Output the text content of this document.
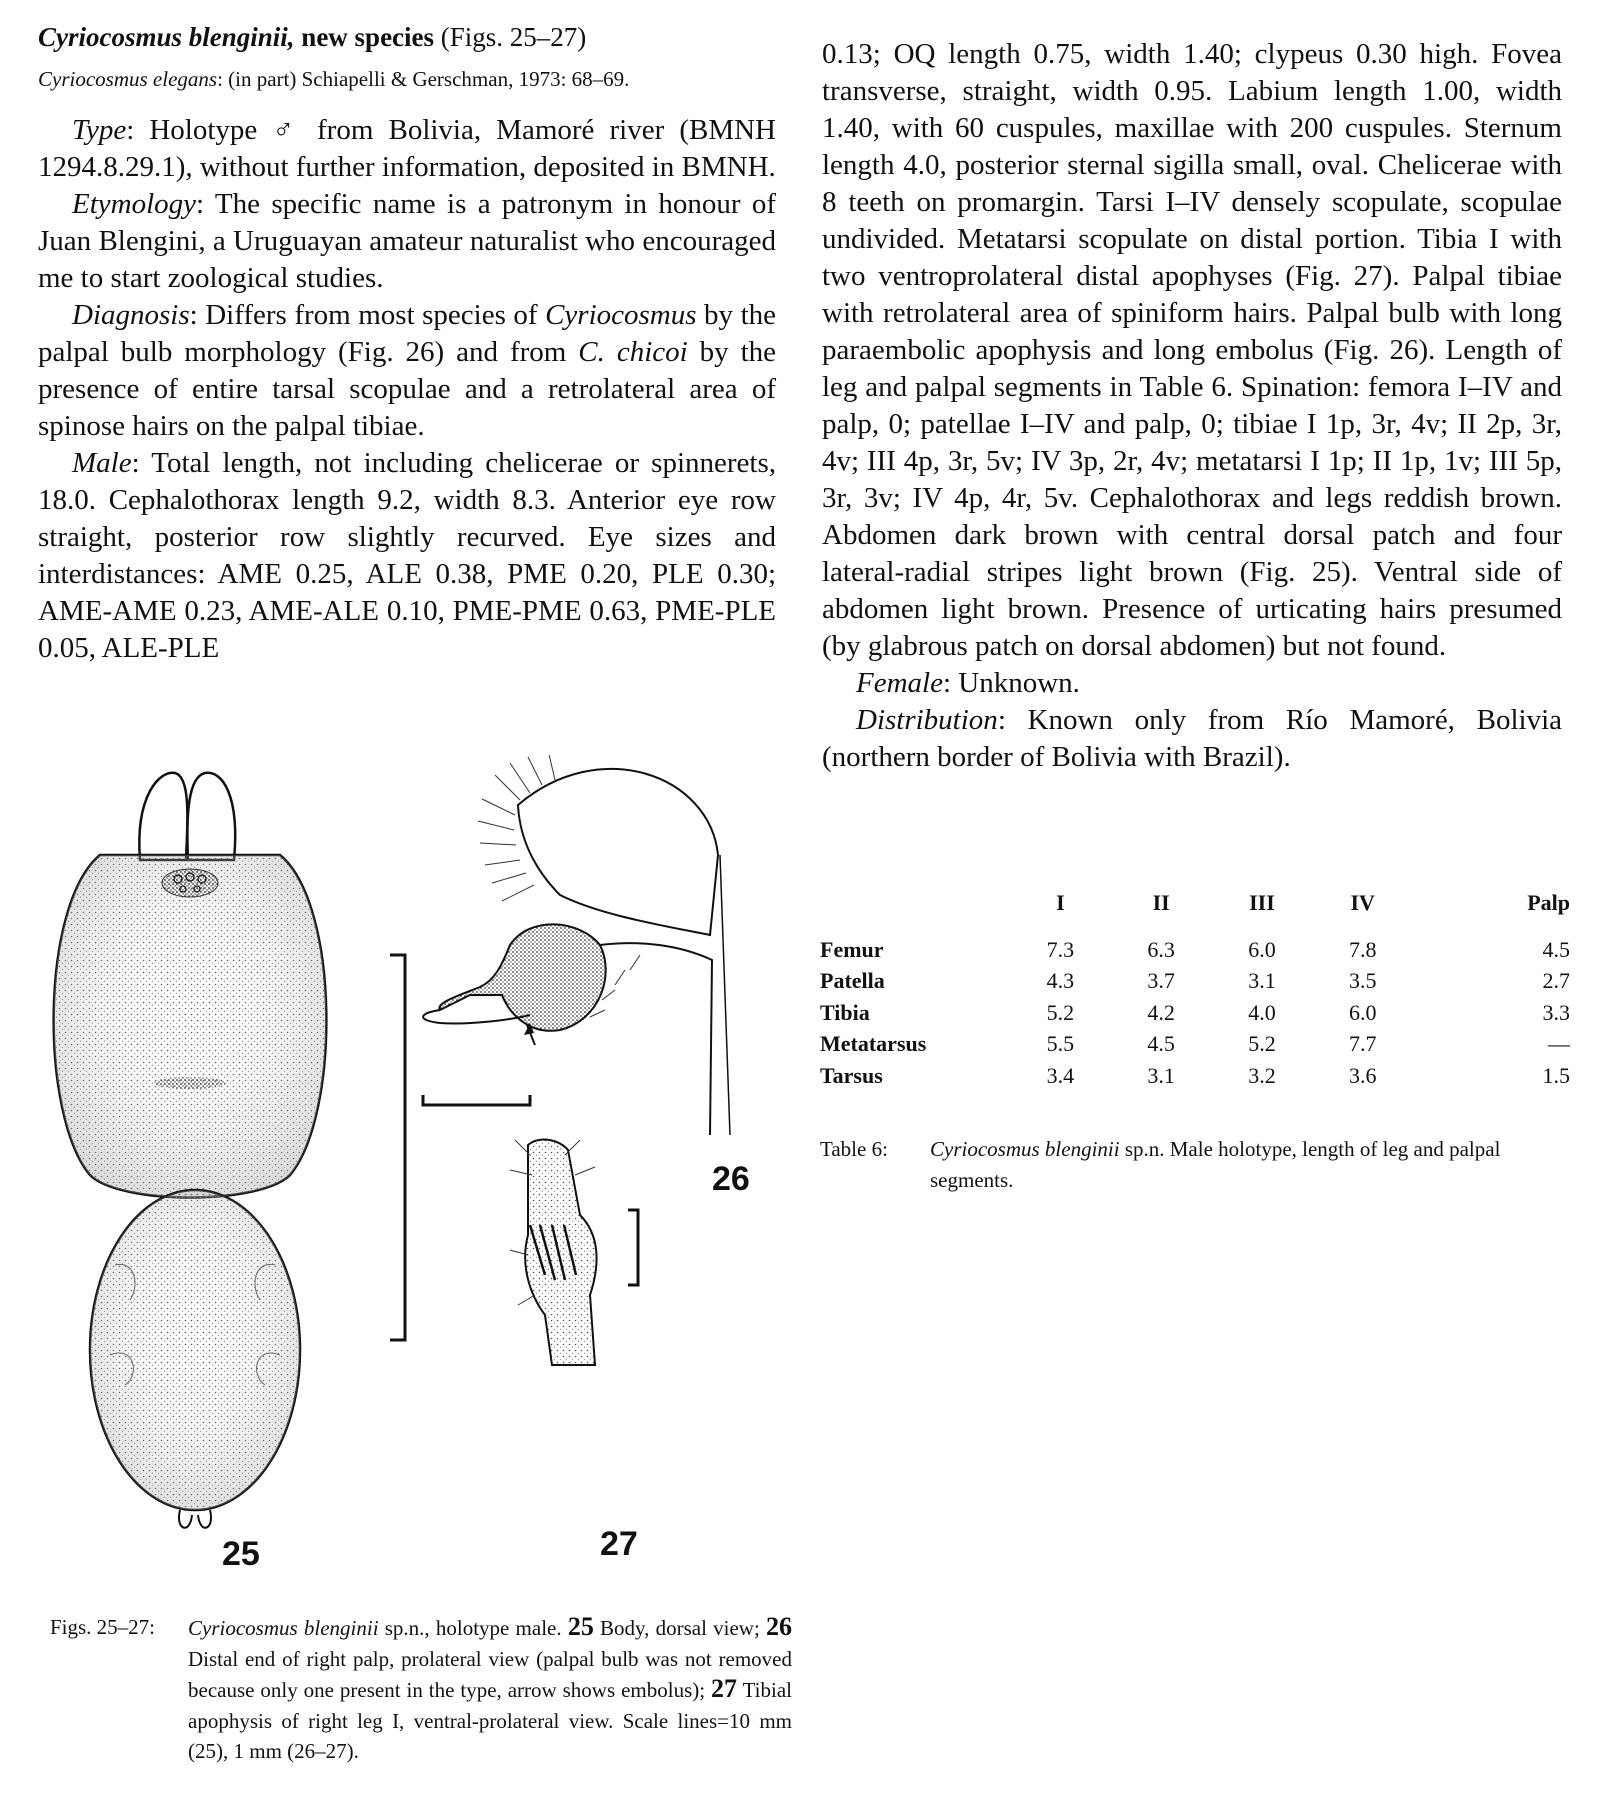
Cyriocosmus blenginii, new species (Figs. 25–27)
Cyriocosmus elegans: (in part) Schiapelli & Gerschman, 1973: 68–69.

Type: Holotype ♂ from Bolivia, Mamoré river (BMNH 1294.8.29.1), without further information, deposited in BMNH.

Etymology: The specific name is a patronym in honour of Juan Blengini, a Uruguayan amateur naturalist who encouraged me to start zoological studies.

Diagnosis: Differs from most species of Cyriocosmus by the palpal bulb morphology (Fig. 26) and from C. chicoi by the presence of entire tarsal scopulae and a retrolateral area of spinose hairs on the palpal tibiae.

Male: Total length, not including chelicerae or spinnerets, 18.0. Cephalothorax length 9.2, width 8.3. Anterior eye row straight, posterior row slightly recurved. Eye sizes and interdistances: AME 0.25, ALE 0.38, PME 0.20, PLE 0.30; AME-AME 0.23, AME-ALE 0.10, PME-PME 0.63, PME-PLE 0.05, ALE-PLE

0.13; OQ length 0.75, width 1.40; clypeus 0.30 high. Fovea transverse, straight, width 0.95. Labium length 1.00, width 1.40, with 60 cuspules, maxillae with 200 cuspules. Sternum length 4.0, posterior sternal sigilla small, oval. Chelicerae with 8 teeth on promargin. Tarsi I–IV densely scopulate, scopulae undivided. Metatarsi scopulate on distal portion. Tibia I with two ventroprolateral distal apophyses (Fig. 27). Palpal tibiae with retrolateral area of spiniform hairs. Palpal bulb with long paraembolic apophysis and long embolus (Fig. 26). Length of leg and palpal segments in Table 6. Spination: femora I–IV and palp, 0; patellae I–IV and palp, 0; tibiae I 1p, 3r, 4v; II 2p, 3r, 4v; III 4p, 3r, 5v; IV 3p, 2r, 4v; metatarsi I 1p; II 1p, 1v; III 5p, 3r, 3v; IV 4p, 4r, 5v. Cephalothorax and legs reddish brown. Abdomen dark brown with central dorsal patch and four lateral-radial stripes light brown (Fig. 25). Ventral side of abdomen light brown. Presence of urticating hairs presumed (by glabrous patch on dorsal abdomen) but not found.

Female: Unknown.

Distribution: Known only from Río Mamoré, Bolivia (northern border of Bolivia with Brazil).

25
26
27
Figs. 25–27:	Cyriocosmus blenginii sp.n., holotype male. 25 Body, dorsal view; 26 Distal end of right palp, prolateral view (palpal bulb was not removed because only one present in the type, arrow shows embolus); 27 Tibial apophysis of right leg I, ventral-prolateral view. Scale lines=10 mm (25), 1 mm (26–27).
	I	II	III	IV	Palp
Femur	7.3	6.3	6.0	7.8	4.5
Patella	4.3	3.7	3.1	3.5	2.7
Tibia	5.2	4.2	4.0	6.0	3.3
Metatarsus	5.5	4.5	5.2	7.7	—
Tarsus	3.4	3.1	3.2	3.6	1.5
Table 6:	Cyriocosmus blenginii sp.n. Male holotype, length of leg and palpal segments.
